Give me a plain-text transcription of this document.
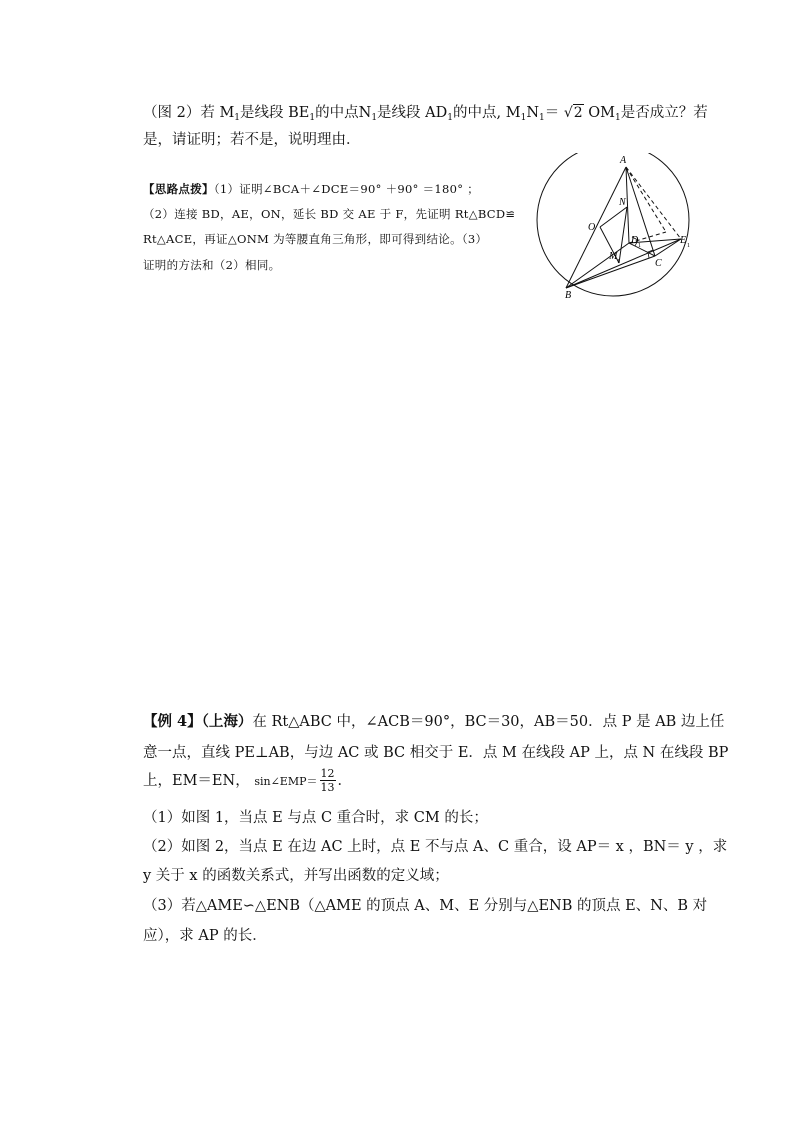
（图 2）若 $M_1$是线段 $BE_1$的中点$N_1$是线段 $AD_1$的中点, $M_1N_1= √2$ $OM_1$是否成立？若
是，请证明；若不是，说明理由．
【思路点拨】（1）证明∠BCA＋∠DCE＝90° ＋90° ＝180° ；
（2）连接 BD，AE，ON，延长 BD 交 AE 于 F，先证明 Rt△BCD≌
Rt△ACE，再证△ONM 为等腰直角三角形，即可得到结论。（3）
证明的方法和（2）相同。
A
B
C
O
N
M 1
D 1	E 1
【例 4】（上海）在 Rt△ABC 中，∠ACB＝90°，BC＝30，AB＝50．点 P 是 AB 边上任
意一点，直线 PE⊥AB，与边 AC 或 BC 相交于 E．点 M 在线段 AP 上，点 N 在线段 BP
上，EM＝EN， sin∠EMP＝ $\frac{12}{13}$ ．
（1）如图 1，当点 E 与点 C 重合时，求 CM 的长；
（2）如图 2，当点 E 在边 AC 上时，点 E 不与点 A、C 重合，设 AP＝ x ，BN＝ y ，求
y 关于 x 的函数关系式，并写出函数的定义域；
（3）若△AME∽△ENB（△AME 的顶点 A、M、E 分别与△ENB 的顶点 E、N、B 对
应），求 AP 的长．
